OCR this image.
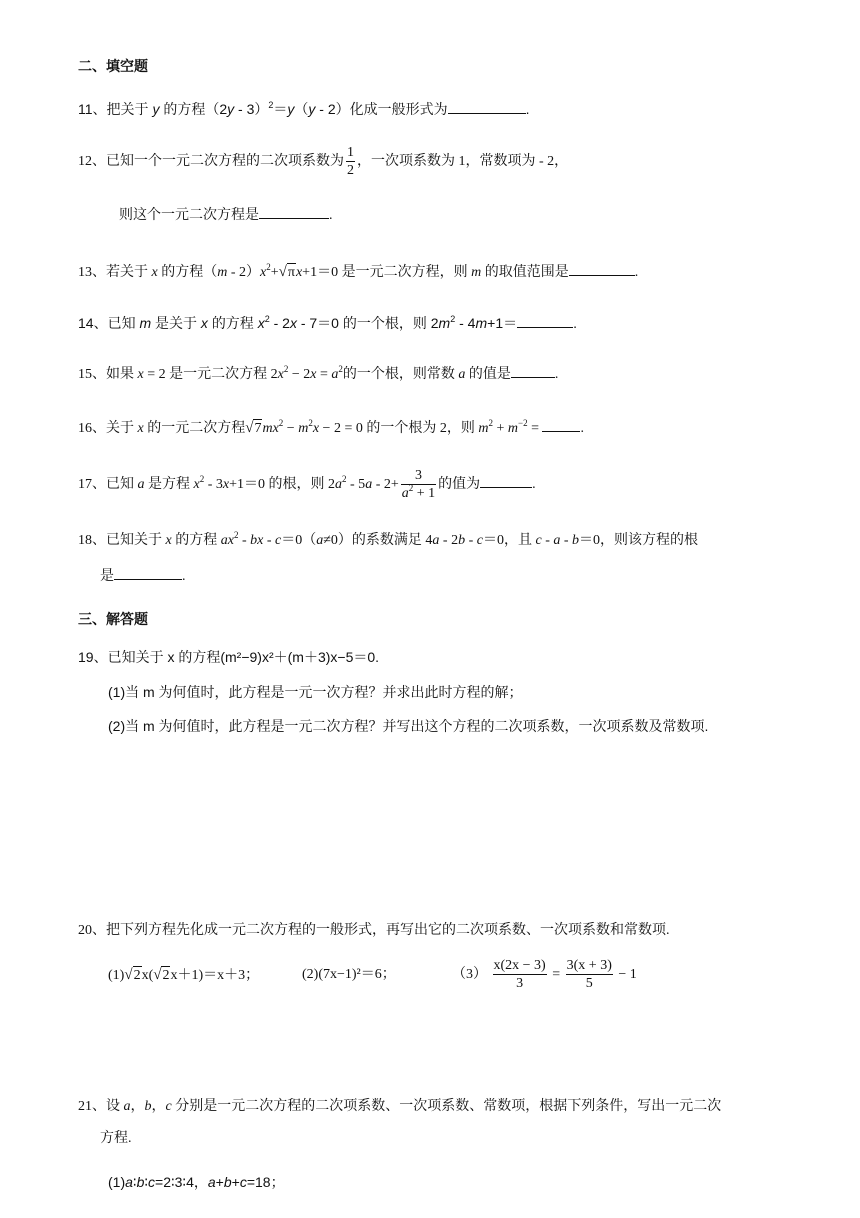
二、填空题
11、把关于 y 的方程（2y - 3）$^2$＝y（y - 2）化成一般形式为	.
12、已知一个一元二次方程的二次项系数为 $\frac{1}{2}$ ，一次项系数为 1，常数项为 - 2，
则这个一元二次方程是	.
13、若关于 x 的方程$(m - 2)x^2+√\pi x+1=0$ 是一元二次方程，则 m 的取值范围是	.
14、已知 m 是关于 x 的方程 $x^2 - 2x - 7=0$ 的一个根，则 $2m^2 - 4m+1=$	.
15、如果 x = 2 是一元二次方程 $2x^2 - 2x = a^2$的一个根，则常数 a 的值是	.
16、关于 x 的一元二次方程$√7mx^2 - m^2x - 2 = 0$ 的一个根为 2，则 $m^2 + m^{-2}$ =	.
17、已知 a 是方程 $x^2 - 3x+1=0$ 的根，则 $2a^2 - 5a - 2+ \frac{3}{a^2 + 1}$ 的值为	.
18、已知关于 x 的方程 $ax^2$ - bx - c＝0（a≠0）的系数满足 4a - 2b - c＝0，且 c - a - b＝0，则该方程的根
是	.
三、解答题
19、已知关于 x 的方程(m²−9)x²＋(m＋3)x−5＝0.
(1)当 m 为何值时，此方程是一元一次方程？并求出此时方程的解；
(2)当 m 为何值时，此方程是一元二次方程？并写出这个方程的二次项系数，一次项系数及常数项.
20、把下列方程先化成一元二次方程的一般形式，再写出它的二次项系数、一次项系数和常数项.
(1)√2x(√2x＋1)＝x＋3；	(2)(7x−1)²＝6；	$(3) \frac{x(2x - 3)}{3} = \frac{3(x + 3)}{5} - 1$
21、设 a，b，c 分别是一元二次方程的二次项系数、一次项系数、常数项，根据下列条件，写出一元二次
方程.
(1)a∶b∶c=2∶3∶4，a+b+c=18；
